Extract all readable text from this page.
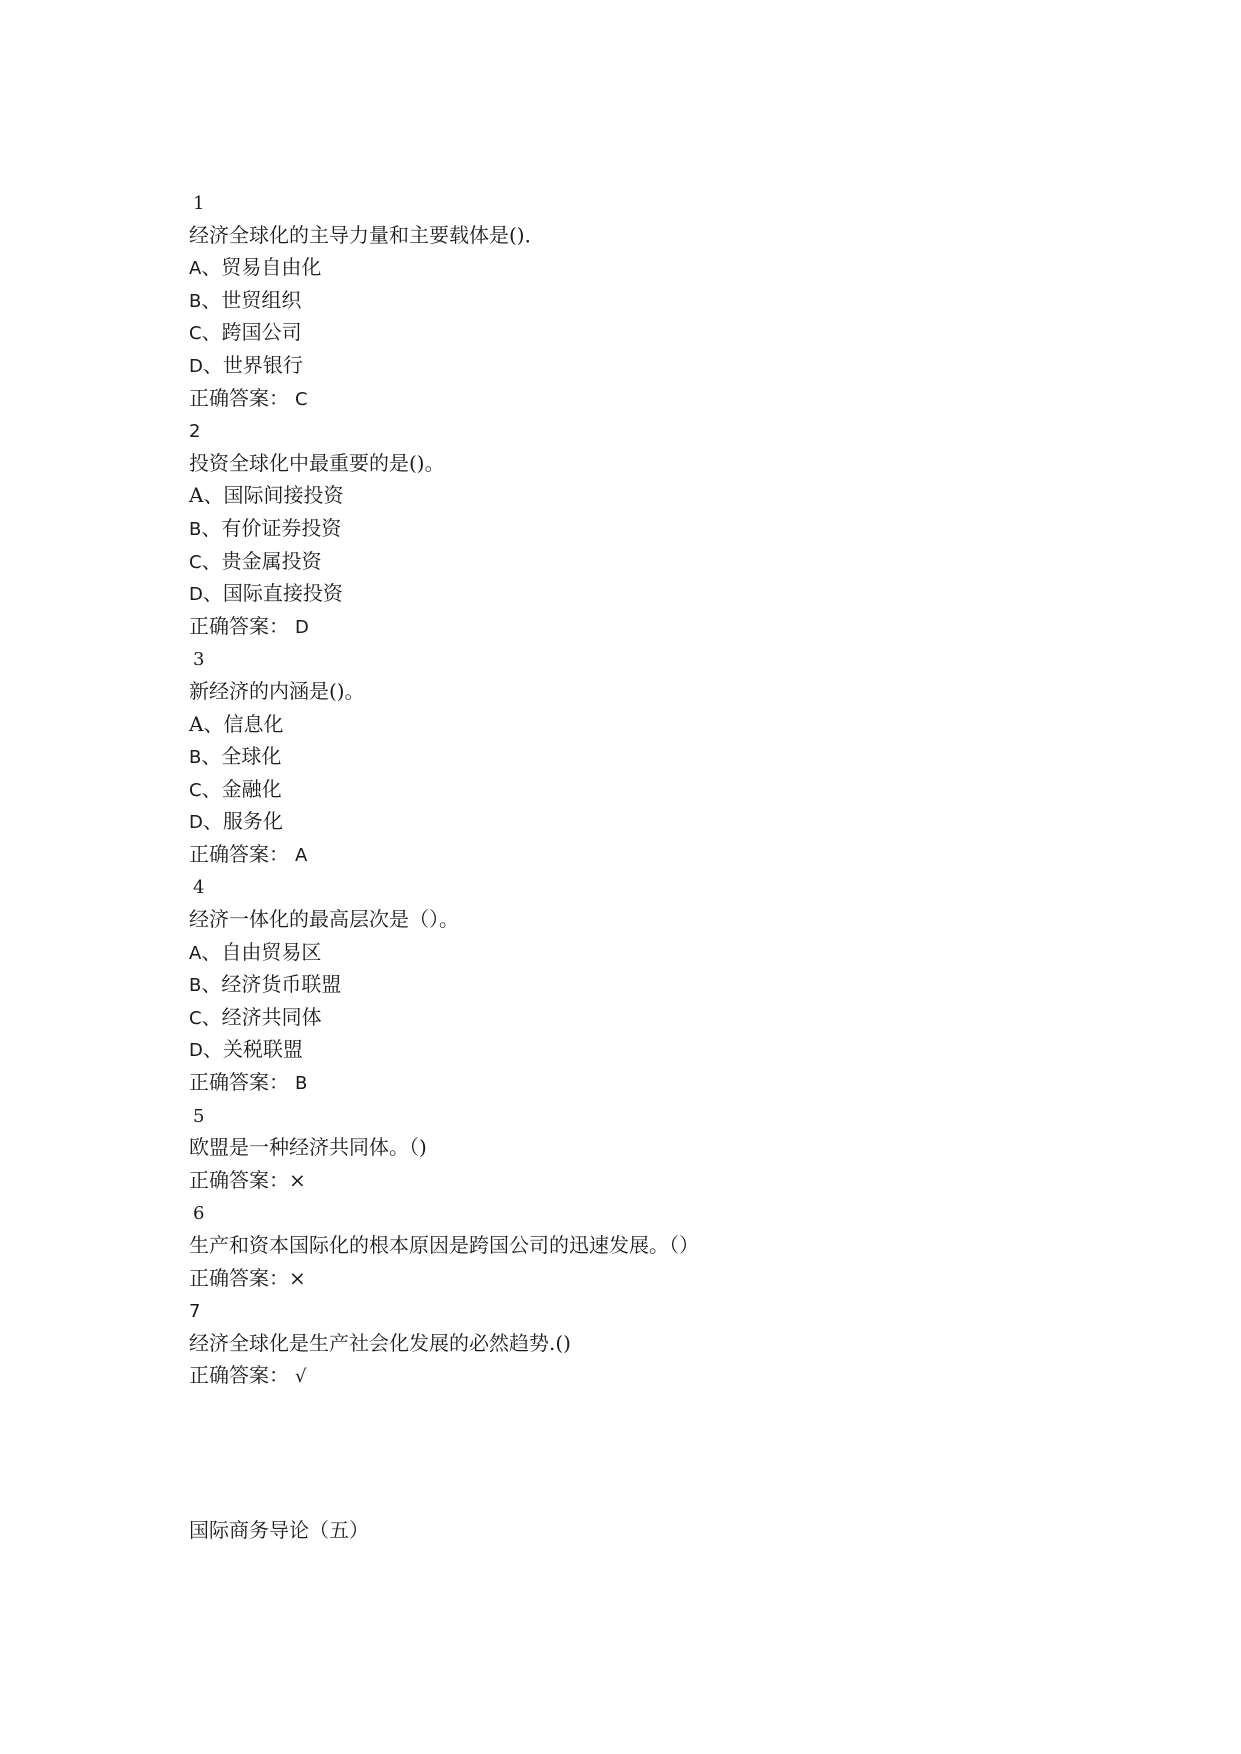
1
经济全球化的主导力量和主要载体是()．
A、贸易自由化
B、世贸组织
C、跨国公司
D、世界银行
正确答案： C
2
投资全球化中最重要的是()。
A、国际间接投资
B、有价证券投资
C、贵金属投资
D、国际直接投资
正确答案： D
3
新经济的内涵是()。
A、信息化
B、全球化
C、金融化
D、服务化
正确答案： A
4
经济一体化的最高层次是（）。
A、自由贸易区
B、经济货币联盟
C、经济共同体
D、关税联盟
正确答案： B
5
欧盟是一种经济共同体。（)
正确答案：×
6
生产和资本国际化的根本原因是跨国公司的迅速发展。（）
正确答案：×
7
经济全球化是生产社会化发展的必然趋势.()
正确答案： √
国际商务导论（五）
